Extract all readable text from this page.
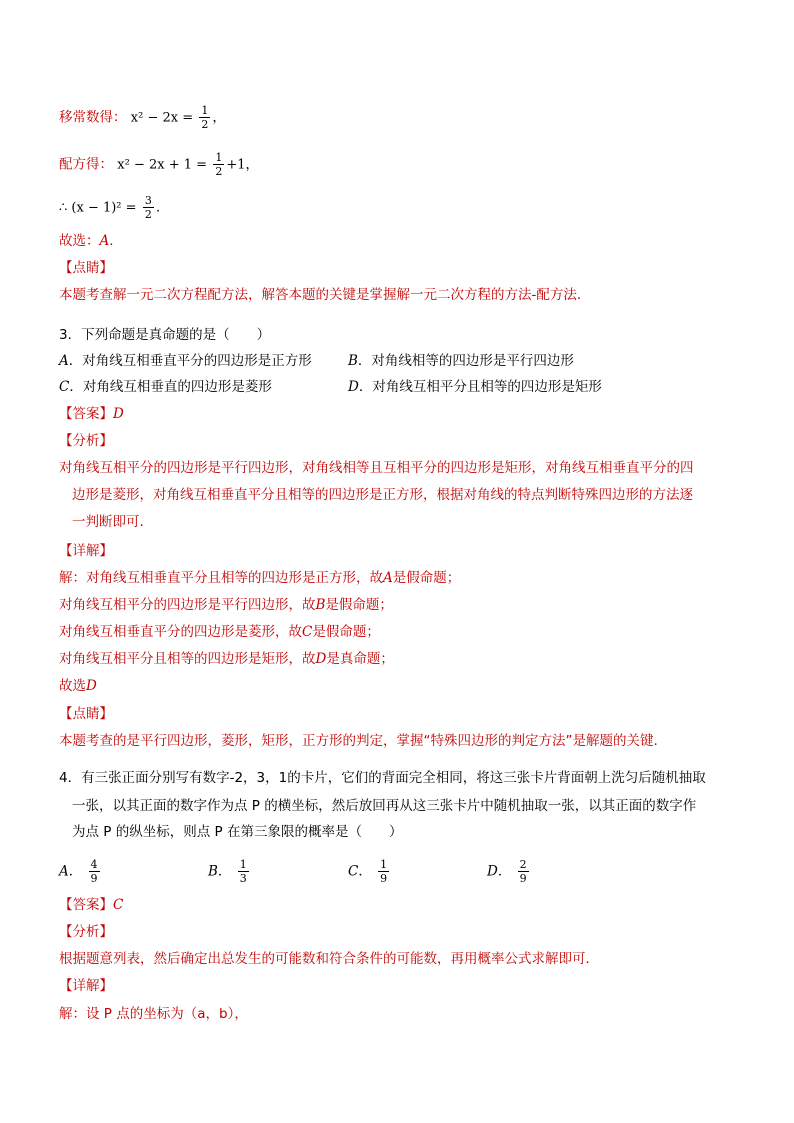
移常数得： $x^2 - 2x = \frac{1}{2}$ ，
配方得： $x^2 - 2x + 1 = \frac{1}{2} +1$，
∴ $(x - 1)^2 = \frac{3}{2}$ .
故选：A.
【点睛】
本题考查解一元二次方程配方法，解答本题的关键是掌握解一元二次方程的方法-配方法．
3．下列命题是真命题的是（　　）
A．对角线互相垂直平分的四边形是正方形	B．对角线相等的四边形是平行四边形
C．对角线互相垂直的四边形是菱形	D．对角线互相平分且相等的四边形是矩形
【答案】D
【分析】
对角线互相平分的四边形是平行四边形，对角线相等且互相平分的四边形是矩形，对角线互相垂直平分的四
边形是菱形，对角线互相垂直平分且相等的四边形是正方形，根据对角线的特点判断特殊四边形的方法逐
一判断即可.
【详解】
解：对角线互相垂直平分且相等的四边形是正方形，故A是假命题；
对角线互相平分的四边形是平行四边形，故B是假命题；
对角线互相垂直平分的四边形是菱形，故C是假命题；
对角线互相平分且相等的四边形是矩形，故D是真命题；
故选D
【点睛】
本题考查的是平行四边形，菱形，矩形，正方形的判定，掌握“特殊四边形的判定方法”是解题的关键.
4．有三张正面分别写有数字-2，3，1的卡片，它们的背面完全相同，将这三张卡片背面朝上洗匀后随机抽取
一张，以其正面的数字作为点 P 的横坐标，然后放回再从这三张卡片中随机抽取一张，以其正面的数字作
为点 P 的纵坐标，则点 P 在第三象限的概率是（　　）
A． $\frac{4}{9}$	B． $\frac{1}{3}$	C． $\frac{1}{9}$	D． $\frac{2}{9}$
【答案】C
【分析】
根据题意列表，然后确定出总发生的可能数和符合条件的可能数，再用概率公式求解即可．
【详解】
解：设 P 点的坐标为（a，b），
